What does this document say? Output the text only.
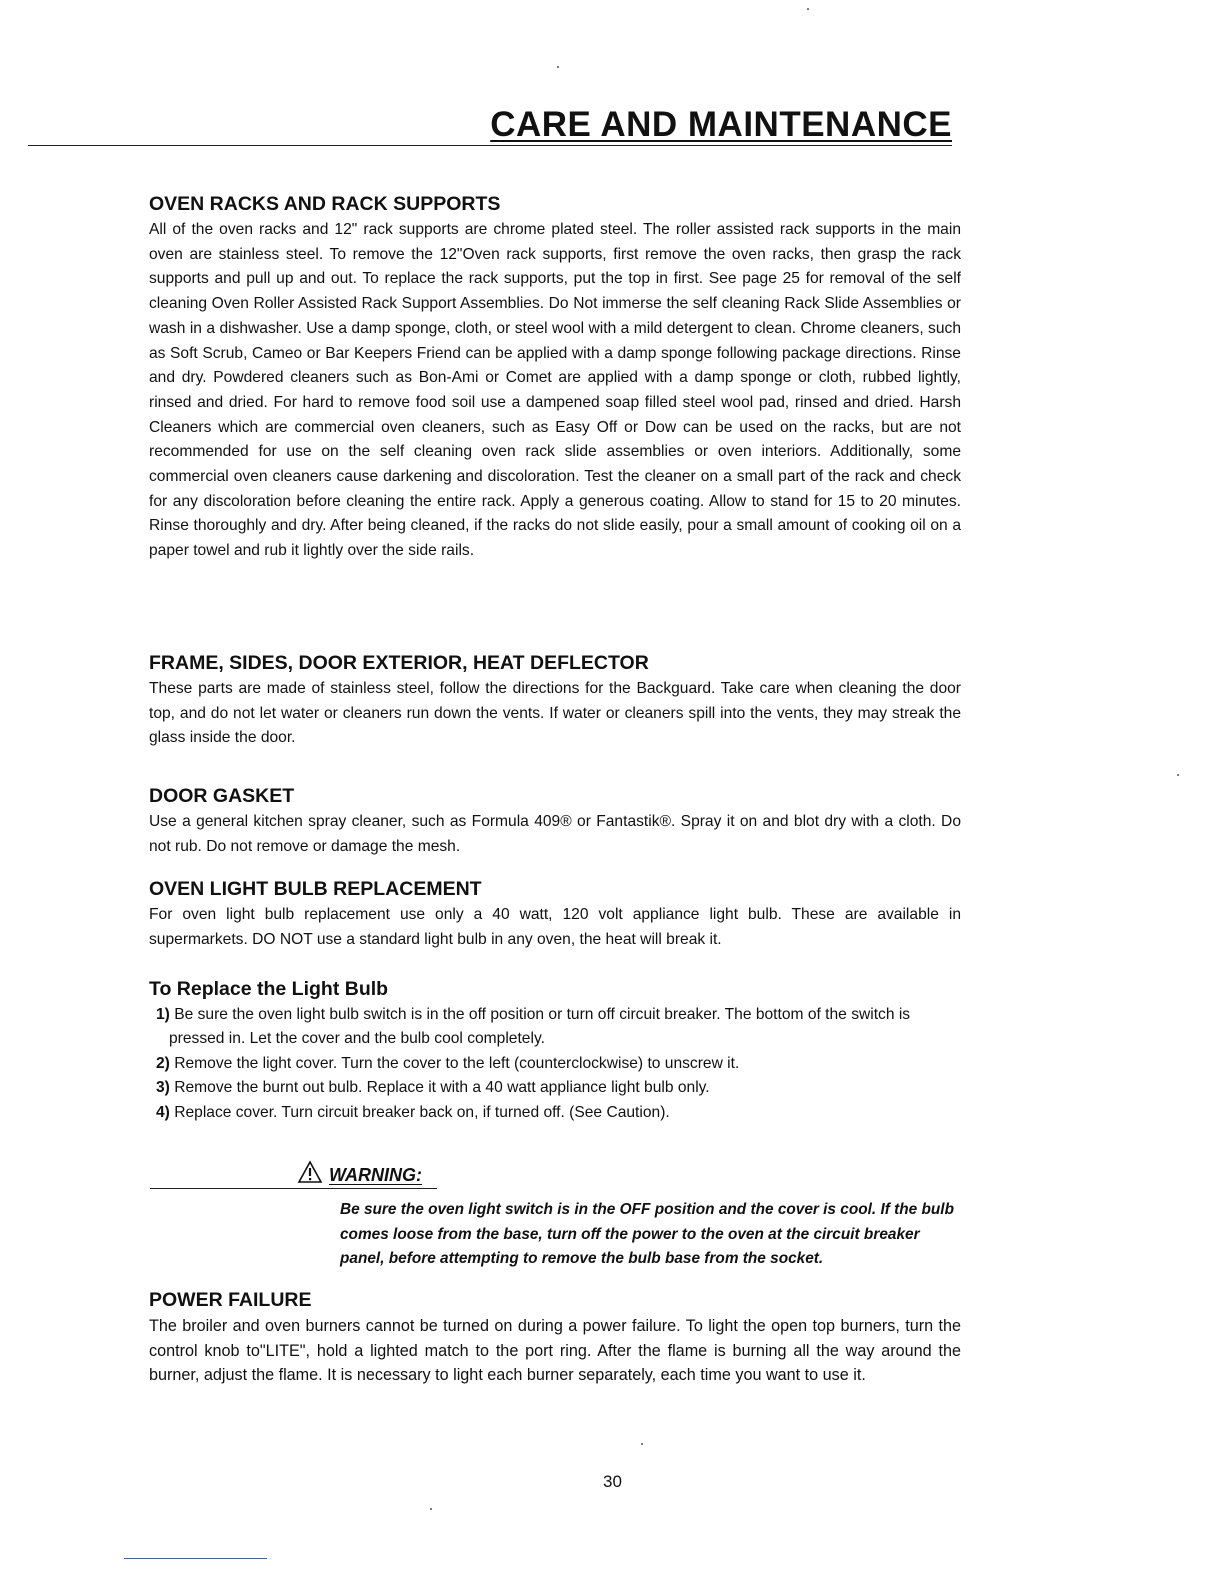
CARE AND MAINTENANCE
OVEN RACKS AND RACK SUPPORTS

All of the oven racks and 12" rack supports are chrome plated steel. The roller assisted rack supports in the main oven are stainless steel. To remove the 12"Oven rack supports, first remove the oven racks, then grasp the rack supports and pull up and out. To replace the rack supports, put the top in first. See page 25 for removal of the self cleaning Oven Roller Assisted Rack Support Assemblies. Do Not immerse the self cleaning Rack Slide Assemblies or wash in a dishwasher. Use a damp sponge, cloth, or steel wool with a mild detergent to clean. Chrome cleaners, such as Soft Scrub, Cameo or Bar Keepers Friend can be applied with a damp sponge following package directions. Rinse and dry. Powdered cleaners such as Bon-Ami or Comet are applied with a damp sponge or cloth, rubbed lightly, rinsed and dried. For hard to remove food soil use a dampened soap filled steel wool pad, rinsed and dried. Harsh Cleaners which are commercial oven cleaners, such as Easy Off or Dow can be used on the racks, but are not recommended for use on the self cleaning oven rack slide assemblies or oven interiors. Additionally, some commercial oven cleaners cause darkening and discoloration. Test the cleaner on a small part of the rack and check for any discoloration before cleaning the entire rack. Apply a generous coating. Allow to stand for 15 to 20 minutes. Rinse thoroughly and dry. After being cleaned, if the racks do not slide easily, pour a small amount of cooking oil on a paper towel and rub it lightly over the side rails.

FRAME, SIDES, DOOR EXTERIOR, HEAT DEFLECTOR

These parts are made of stainless steel, follow the directions for the Backguard. Take care when cleaning the door top, and do not let water or cleaners run down the vents. If water or cleaners spill into the vents, they may streak the glass inside the door.

DOOR GASKET

Use a general kitchen spray cleaner, such as Formula 409® or Fantastik®. Spray it on and blot dry with a cloth. Do not rub. Do not remove or damage the mesh.

OVEN LIGHT BULB REPLACEMENT

For oven light bulb replacement use only a 40 watt, 120 volt appliance light bulb. These are available in supermarkets. DO NOT use a standard light bulb in any oven, the heat will break it.

To Replace the Light Bulb
1) Be sure the oven light bulb switch is in the off position or turn off circuit breaker. The bottom of the switch is pressed in. Let the cover and the bulb cool completely.
2) Remove the light cover. Turn the cover to the left (counterclockwise) to unscrew it.
3) Remove the burnt out bulb. Replace it with a 40 watt appliance light bulb only.
4) Replace cover. Turn circuit breaker back on, if turned off. (See Caution).
WARNING:
Be sure the oven light switch is in the OFF position and the cover is cool. If the bulb comes loose from the base, turn off the power to the oven at the circuit breaker panel, before attempting to remove the bulb base from the socket.
POWER FAILURE

The broiler and oven burners cannot be turned on during a power failure. To light the open top burners, turn the control knob to"LITE", hold a lighted match to the port ring. After the flame is burning all the way around the burner, adjust the flame. It is necessary to light each burner separately, each time you want to use it.

30
